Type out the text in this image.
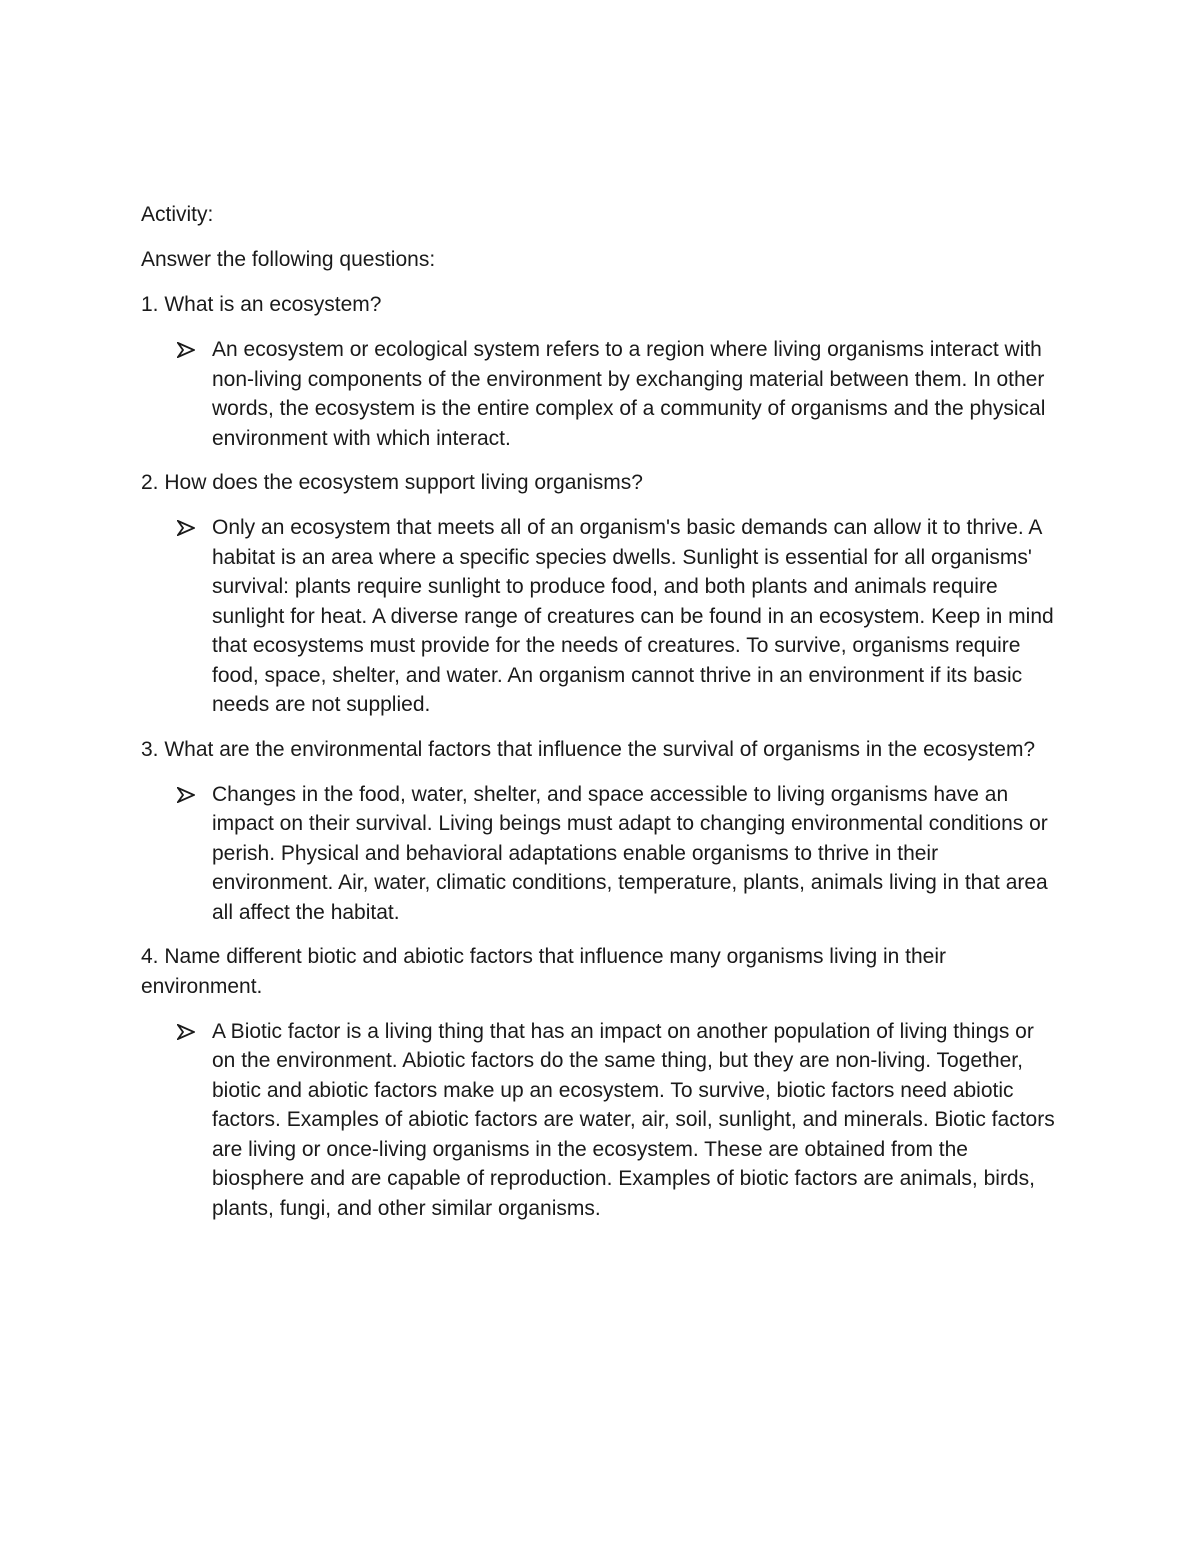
Activity:
Answer the following questions:
1. What is an ecosystem?
An ecosystem or ecological system refers to a region where living organisms interact with non-living components of the environment by exchanging material between them. In other words, the ecosystem is the entire complex of a community of organisms and the physical environment with which interact.
2. How does the ecosystem support living organisms?
Only an ecosystem that meets all of an organism's basic demands can allow it to thrive. A habitat is an area where a specific species dwells. Sunlight is essential for all organisms' survival: plants require sunlight to produce food, and both plants and animals require sunlight for heat. A diverse range of creatures can be found in an ecosystem. Keep in mind that ecosystems must provide for the needs of creatures. To survive, organisms require food, space, shelter, and water. An organism cannot thrive in an environment if its basic needs are not supplied.
3. What are the environmental factors that influence the survival of organisms in the ecosystem?
Changes in the food, water, shelter, and space accessible to living organisms have an impact on their survival. Living beings must adapt to changing environmental conditions or perish. Physical and behavioral adaptations enable organisms to thrive in their environment. Air, water, climatic conditions, temperature, plants, animals living in that area all affect the habitat.
4. Name different biotic and abiotic factors that influence many organisms living in their environment.
A Biotic factor is a living thing that has an impact on another population of living things or on the environment. Abiotic factors do the same thing, but they are non-living. Together, biotic and abiotic factors make up an ecosystem. To survive, biotic factors need abiotic factors. Examples of abiotic factors are water, air, soil, sunlight, and minerals. Biotic factors are living or once-living organisms in the ecosystem. These are obtained from the biosphere and are capable of reproduction. Examples of biotic factors are animals, birds, plants, fungi, and other similar organisms.
